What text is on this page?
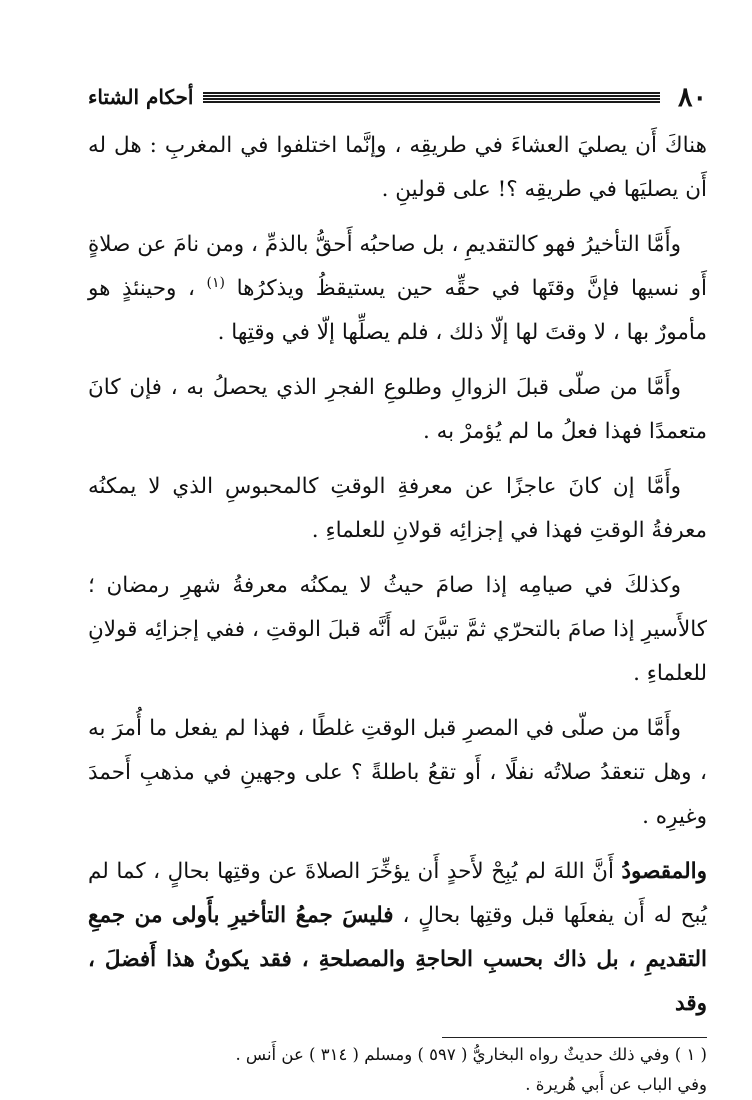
٨٠
أحكام الشتاء

هناكَ أَن يصليَ العشاءَ في طريقِه ، وإنَّما اختلفوا في المغربِ : هل له أَن يصليَها في طريقِه ؟! على قولينِ .

وأَمَّا التأخيرُ فهو كالتقديمِ ، بل صاحبُه أَحقُّ بالذمِّ ، ومن نامَ عن صلاةٍ أَو نسيها فإنَّ وقتَها في حقِّه حين يستيقظُ ويذكرُها $^{(١)}$ ، وحينئذٍ هو مأمورٌ بها ، لا وقتَ لها إلّا ذلك ، فلم يصلِّها إلّا في وقتِها .

وأَمَّا من صلّى قبلَ الزوالِ وطلوعِ الفجرِ الذي يحصلُ به ، فإن كانَ متعمدًا فهذا فعلُ ما لم يُؤمرْ به .

وأَمَّا إن كانَ عاجزًا عن معرفةِ الوقتِ كالمحبوسِ الذي لا يمكنُه معرفةُ الوقتِ فهذا في إجزائِه قولانِ للعلماءِ .

وكذلكَ في صيامِه إذا صامَ حيثُ لا يمكنُه معرفةُ شهرِ رمضان ؛ كالأَسيرِ إذا صامَ بالتحرّي ثمَّ تبيَّنَ له أَنَّه قبلَ الوقتِ ، ففي إجزائِه قولانِ للعلماءِ .

وأَمَّا من صلّى في المصرِ قبل الوقتِ غلطًا ، فهذا لم يفعل ما أُمرَ به ، وهل تنعقدُ صلاتُه نفلًا ، أَو تقعُ باطلةً ؟ على وجهينِ في مذهبِ أَحمدَ وغيرِه .

والمقصودُ أَنَّ اللهَ لم يُبِحْ لأَحدٍ أَن يؤخِّرَ الصلاةَ عن وقتِها بحالٍ ، كما لم يُبح له أَن يفعلَها قبل وقتِها بحالٍ ، فليسَ جمعُ التأخيرِ بأَولى من جمعِ التقديمِ ، بل ذاك بحسبِ الحاجةِ والمصلحةِ ، فقد يكونُ هذا أَفضلَ ، وقد

( ١ ) وفي ذلك حديثٌ رواه البخاريُّ ( ٥٩٧ ) ومسلم ( ٣١٤ ) عن أَنس .
وفي الباب عن أَبي هُريرة .
